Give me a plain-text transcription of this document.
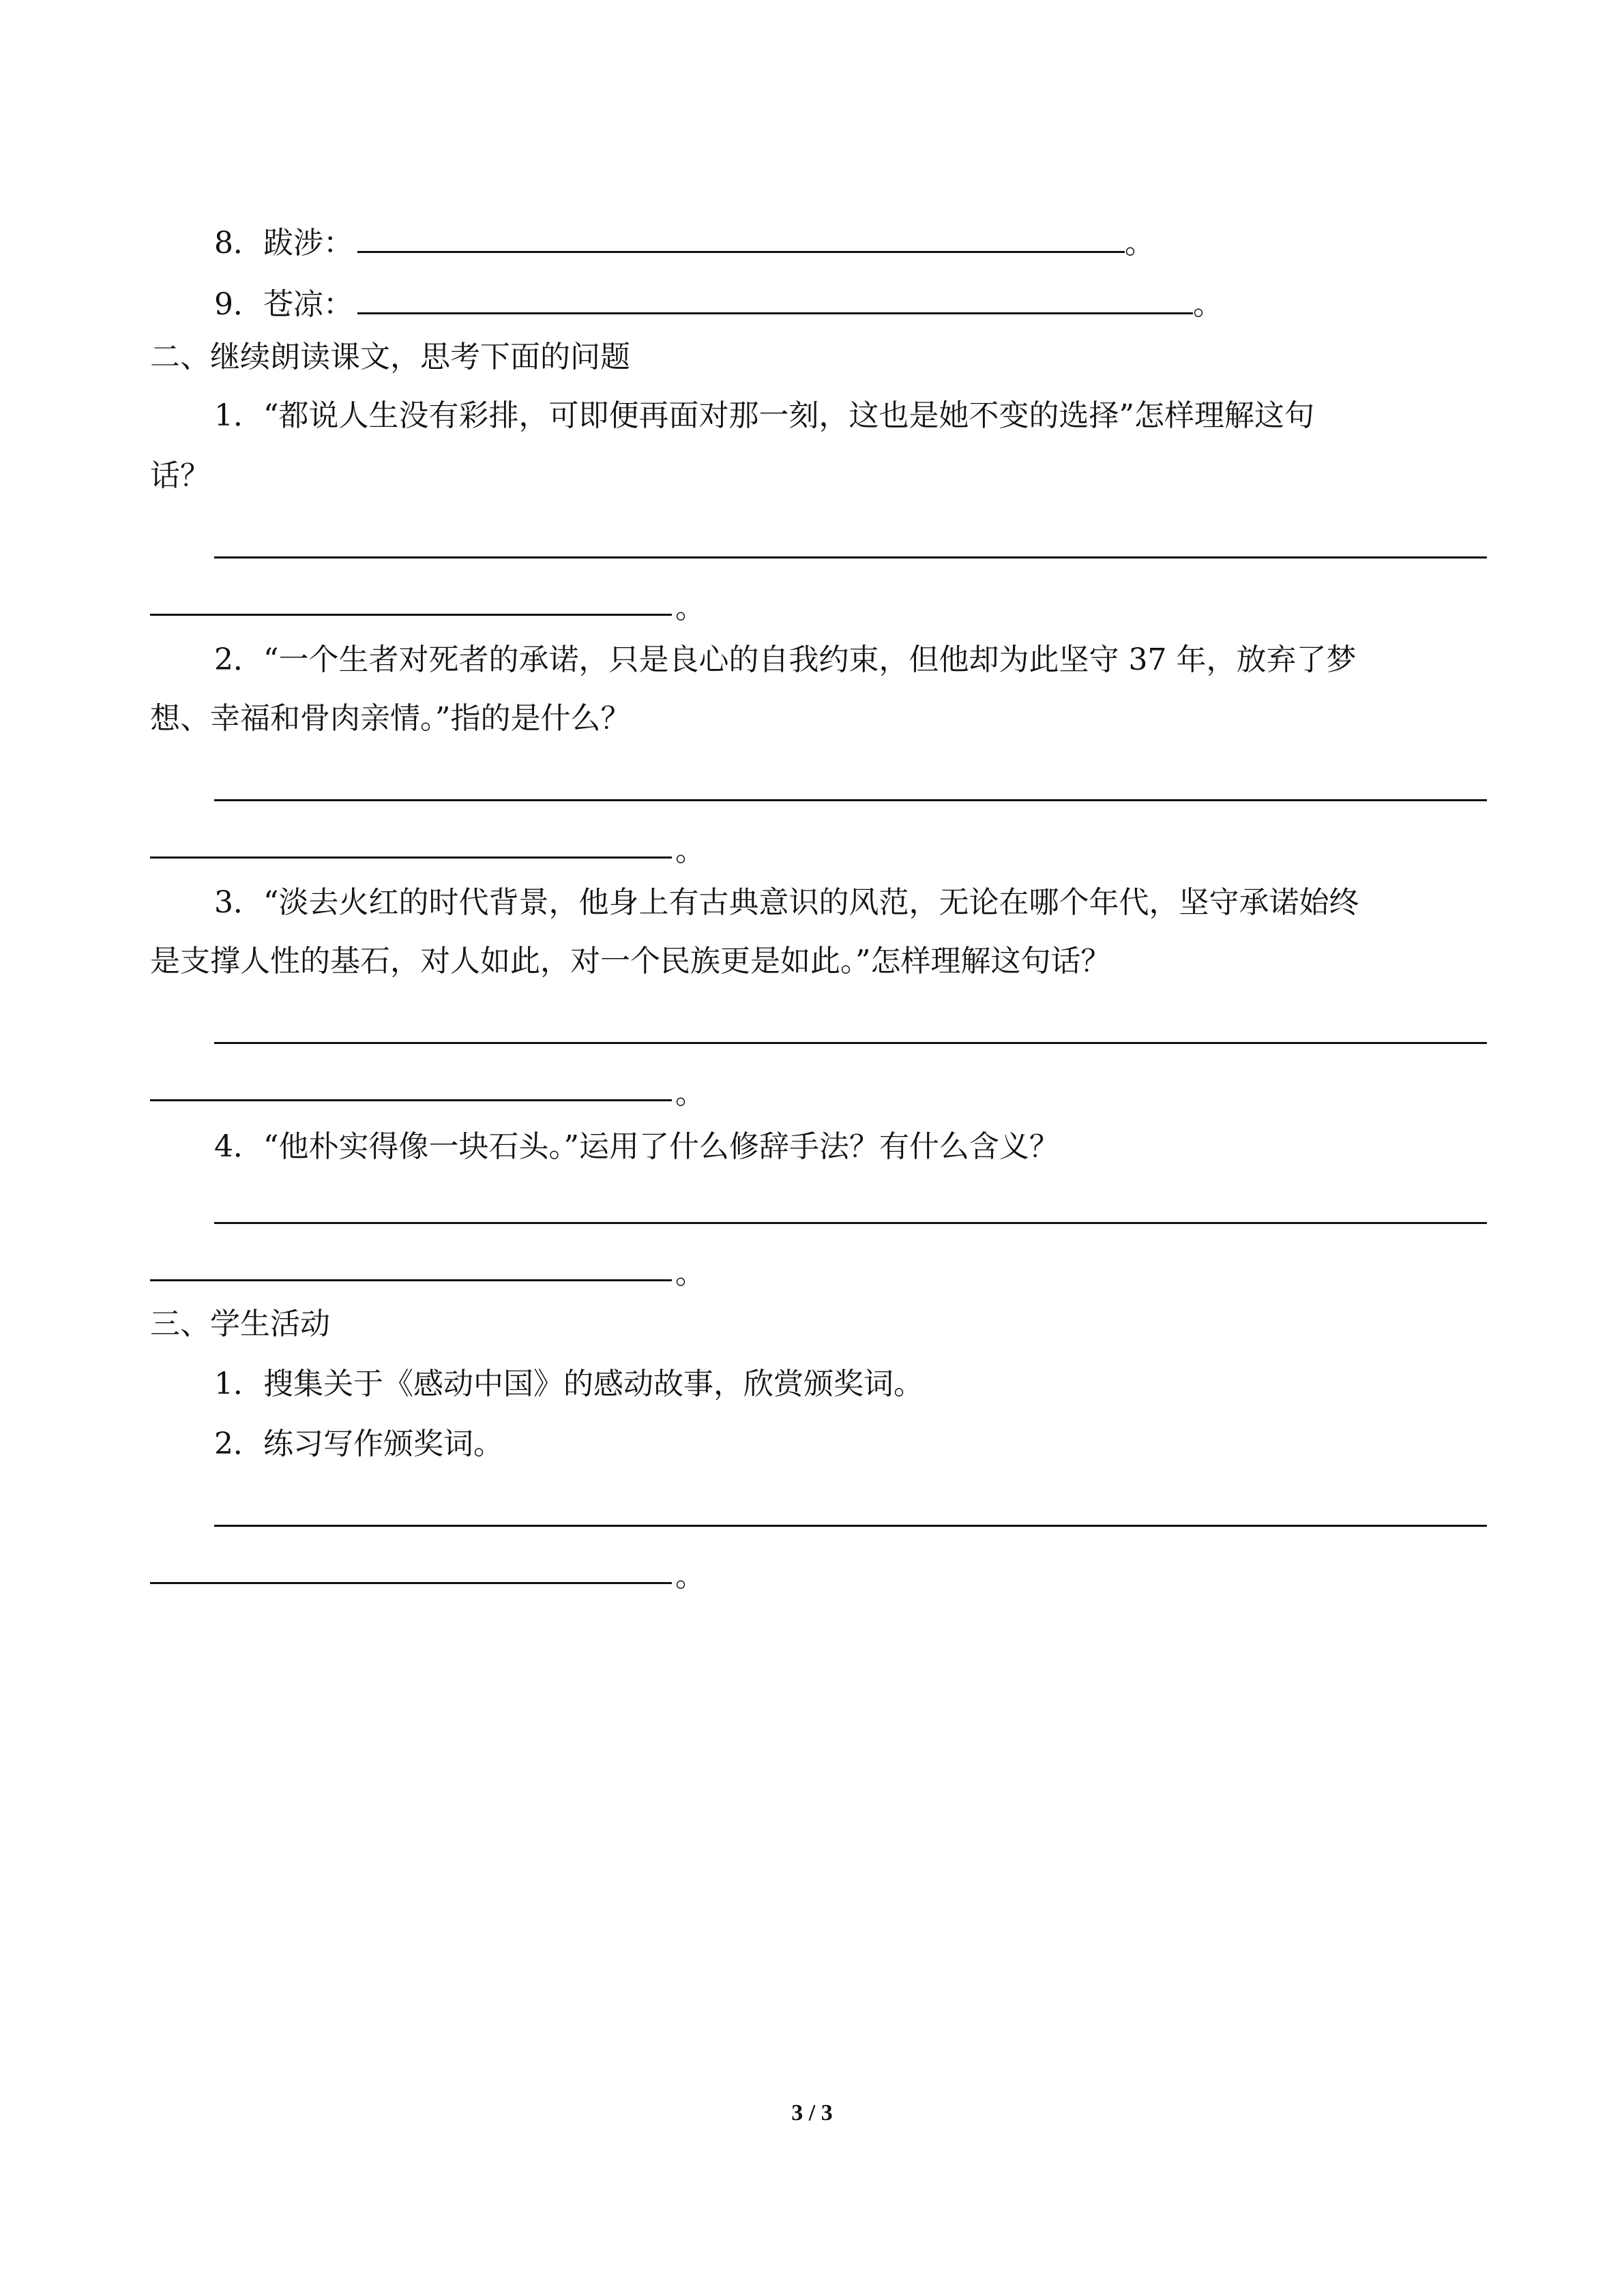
8．跋涉：	。
9．苍凉：	。
二、继续朗读课文，思考下面的问题
1．“都说人生没有彩排，可即便再面对那一刻，这也是她不变的选择”怎样理解这句
话？
。
2．“一个生者对死者的承诺，只是良心的自我约束，但他却为此坚守 37 年，放弃了梦
想、幸福和骨肉亲情。”指的是什么？
。
3．“淡去火红的时代背景，他身上有古典意识的风范，无论在哪个年代，坚守承诺始终
是支撑人性的基石，对人如此，对一个民族更是如此。”怎样理解这句话？
。
4．“他朴实得像一块石头。”运用了什么修辞手法？有什么含义？
。
三、学生活动
1．搜集关于《感动中国》的感动故事，欣赏颁奖词。
2．练习写作颁奖词。
。
3 / 3
